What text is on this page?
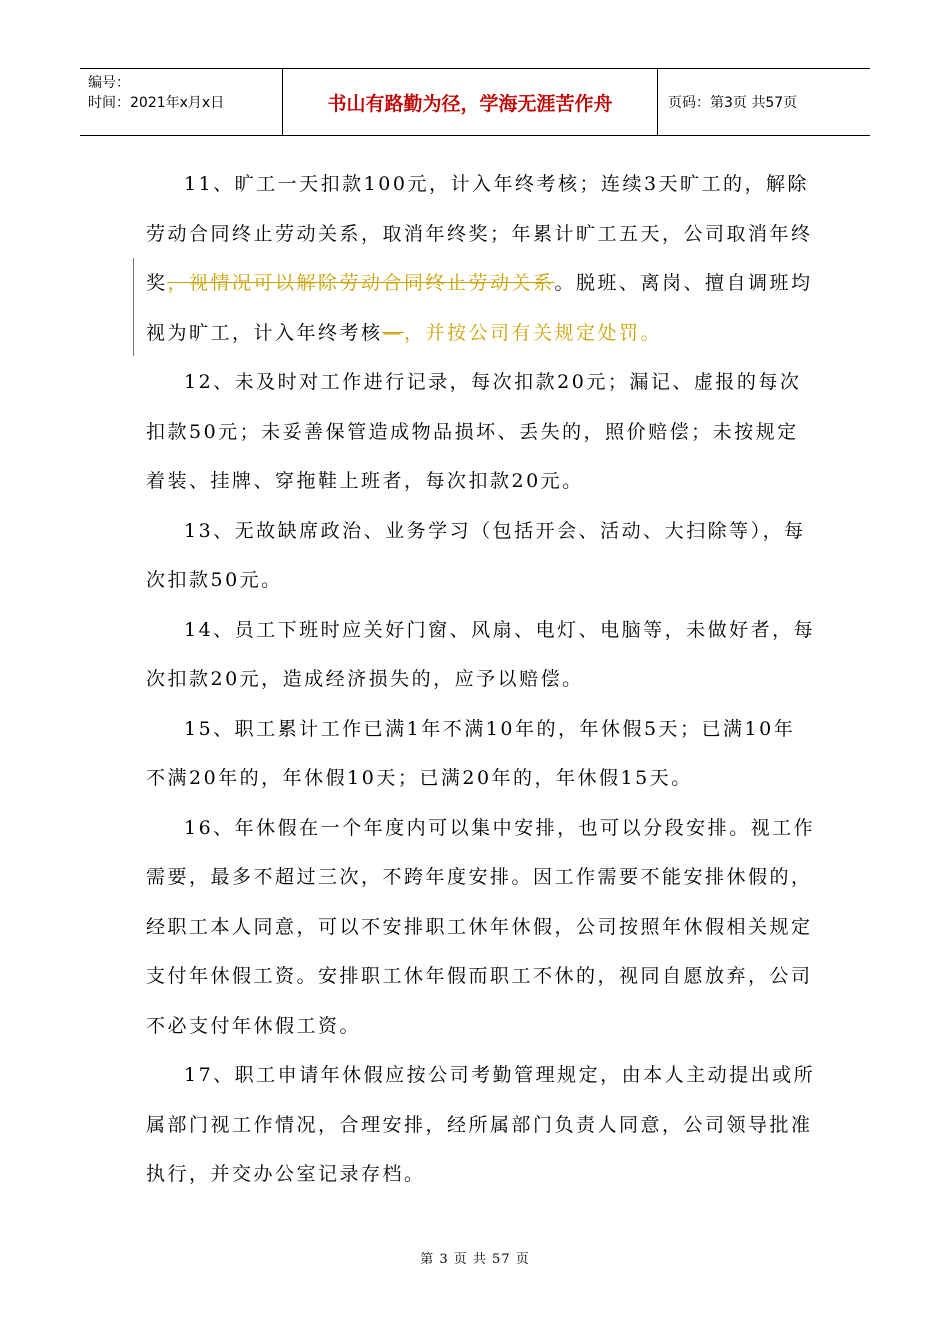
编号：
时间：2021年x月x日	书山有路勤为径，学海无涯苦作舟	页码：第3页 共57页

11、旷工一天扣款100元，计入年终考核；连续3天旷工的，解除劳动合同终止劳动关系，取消年终奖；年累计旷工五天，公司取消年终奖，视情况可以解除劳动合同终止劳动关系。脱班、离岗、擅自调班均视为旷工，计入年终考核—，并按公司有关规定处罚。

12、未及时对工作进行记录，每次扣款20元；漏记、虚报的每次扣款50元；未妥善保管造成物品损坏、丢失的，照价赔偿；未按规定着装、挂牌、穿拖鞋上班者，每次扣款20元。

13、无故缺席政治、业务学习（包括开会、活动、大扫除等），每次扣款50元。

14、员工下班时应关好门窗、风扇、电灯、电脑等，未做好者，每次扣款20元，造成经济损失的，应予以赔偿。

15、职工累计工作已满1年不满10年的，年休假5天；已满10年不满20年的，年休假10天；已满20年的，年休假15天。

16、年休假在一个年度内可以集中安排，也可以分段安排。视工作需要，最多不超过三次，不跨年度安排。因工作需要不能安排休假的，经职工本人同意，可以不安排职工休年休假，公司按照年休假相关规定支付年休假工资。安排职工休年假而职工不休的，视同自愿放弃，公司不必支付年休假工资。

17、职工申请年休假应按公司考勤管理规定，由本人主动提出或所属部门视工作情况，合理安排，经所属部门负责人同意，公司领导批准执行，并交办公室记录存档。

第 3 页 共 57 页
